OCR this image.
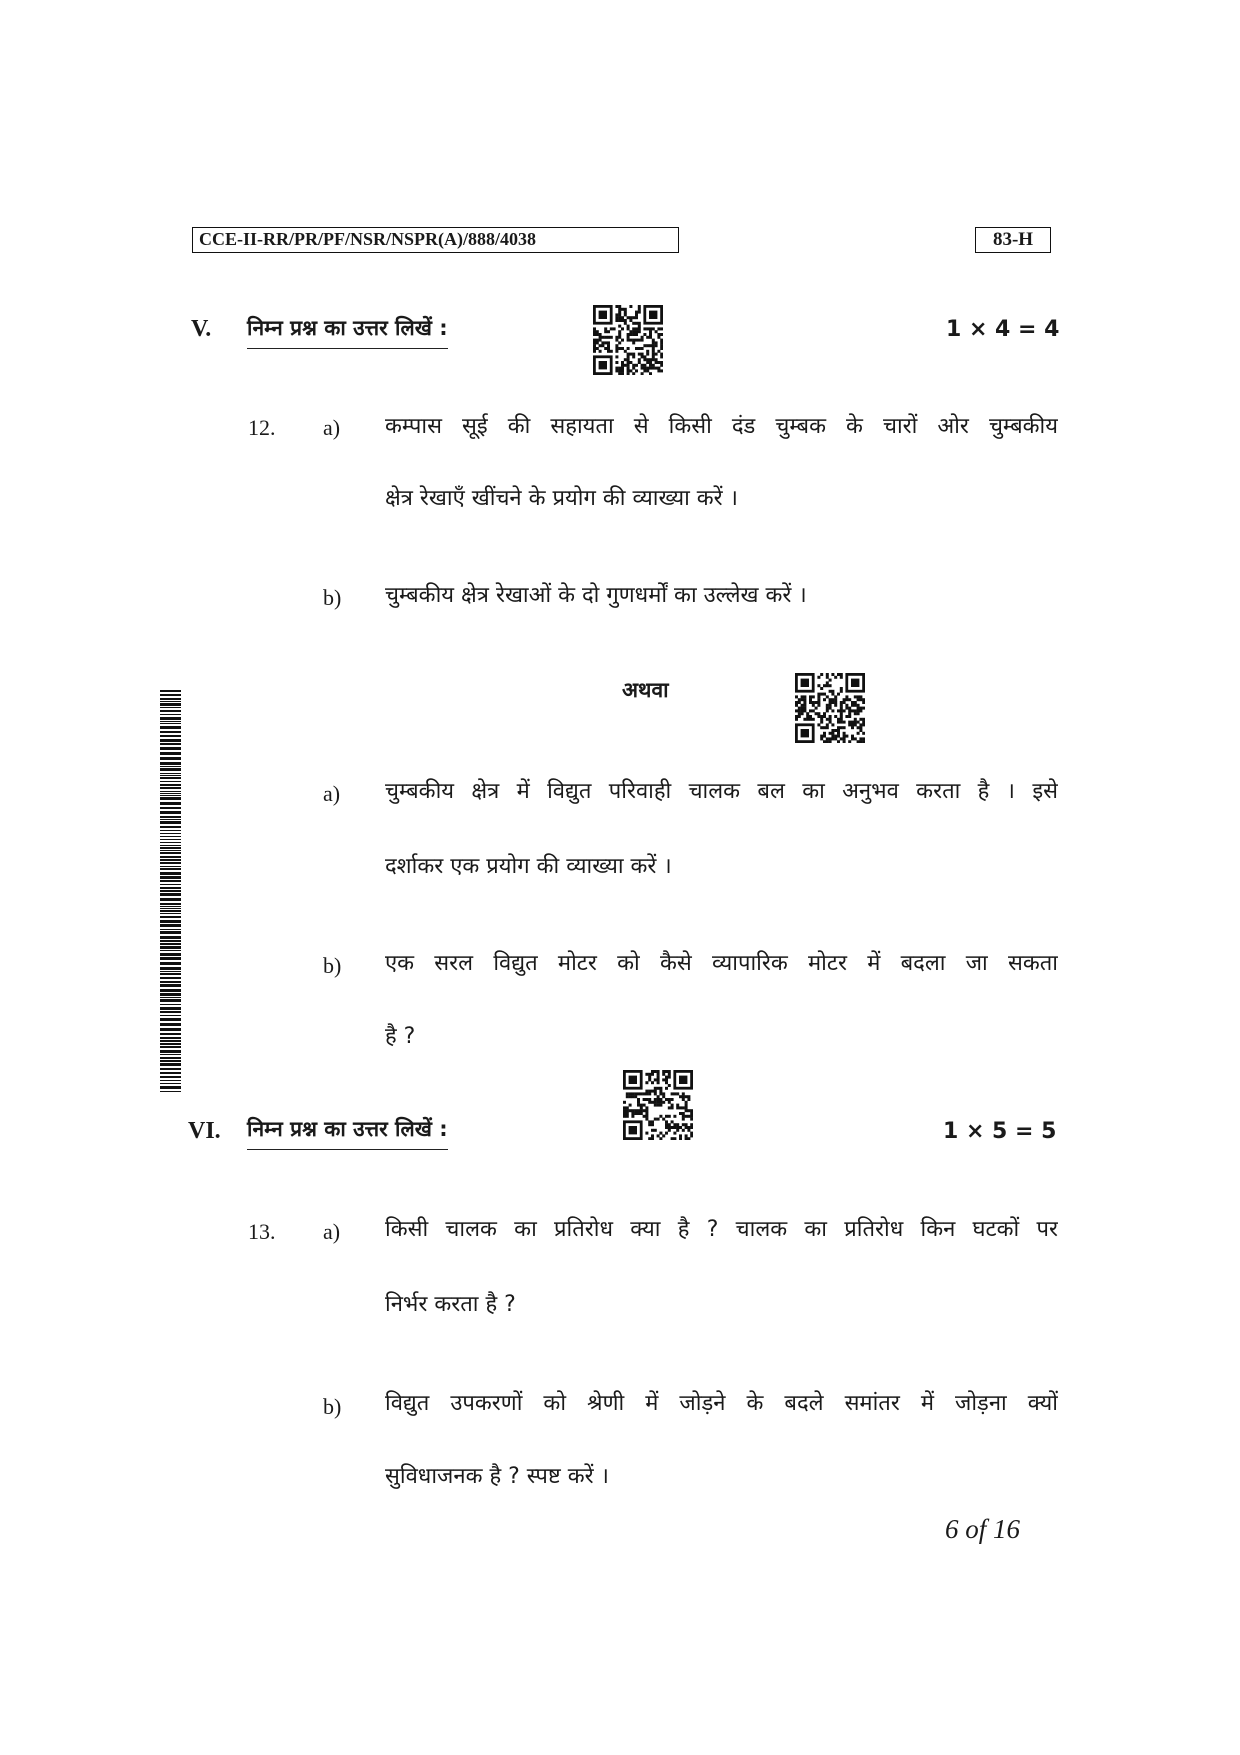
CCE-II-RR/PR/PF/NSR/NSPR(A)/888/4038	83-H
V. निम्न प्रश्न का उत्तर लिखें :	1 × 4 = 4
12. a) कम्पास सूई की सहायता से किसी दंड चुम्बक के चारों ओर चुम्बकीय
क्षेत्र रेखाएँ खींचने के प्रयोग की व्याख्या करें ।
b) चुम्बकीय क्षेत्र रेखाओं के दो गुणधर्मों का उल्लेख करें ।
अथवा
a) चुम्बकीय क्षेत्र में विद्युत परिवाही चालक बल का अनुभव करता है । इसे
दर्शाकर एक प्रयोग की व्याख्या करें ।
b) एक सरल विद्युत मोटर को कैसे व्यापारिक मोटर में बदला जा सकता
है ?
VI. निम्न प्रश्न का उत्तर लिखें :	1 × 5 = 5
13. a) किसी चालक का प्रतिरोध क्या है ? चालक का प्रतिरोध किन घटकों पर
निर्भर करता है ?
b) विद्युत उपकरणों को श्रेणी में जोड़ने के बदले समांतर में जोड़ना क्यों
सुविधाजनक है ? स्पष्ट करें ।
6 of 16
